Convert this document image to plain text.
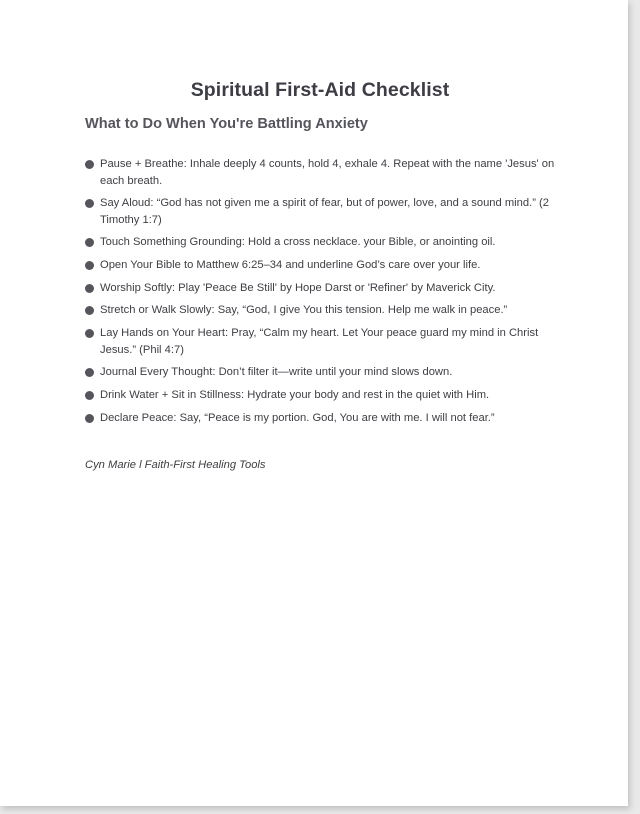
Spiritual First-Aid Checklist
What to Do When You're Battling Anxiety
Pause + Breathe: Inhale deeply 4 counts, hold 4, exhale 4. Repeat with the name 'Jesus' on each breath.
Say Aloud: “God has not given me a spirit of fear, but of power, love, and a sound mind.” (2 Timothy 1:7)
Touch Something Grounding: Hold a cross necklace. your Bible, or anointing oil.
Open Your Bible to Matthew 6:25–34 and underline God’s care over your life.
Worship Softly: Play 'Peace Be Still' by Hope Darst or 'Refiner' by Maverick City.
Stretch or Walk Slowly: Say, “God, I give You this tension. Help me walk in peace.”
Lay Hands on Your Heart: Pray, “Calm my heart. Let Your peace guard my mind in Christ Jesus.” (Phil 4:7)
Journal Every Thought: Don’t filter it—write until your mind slows down.
Drink Water + Sit in Stillness: Hydrate your body and rest in the quiet with Him.
Declare Peace: Say, “Peace is my portion. God, You are with me. I will not fear.”

Cyn Marie l Faith-First Healing Tools
